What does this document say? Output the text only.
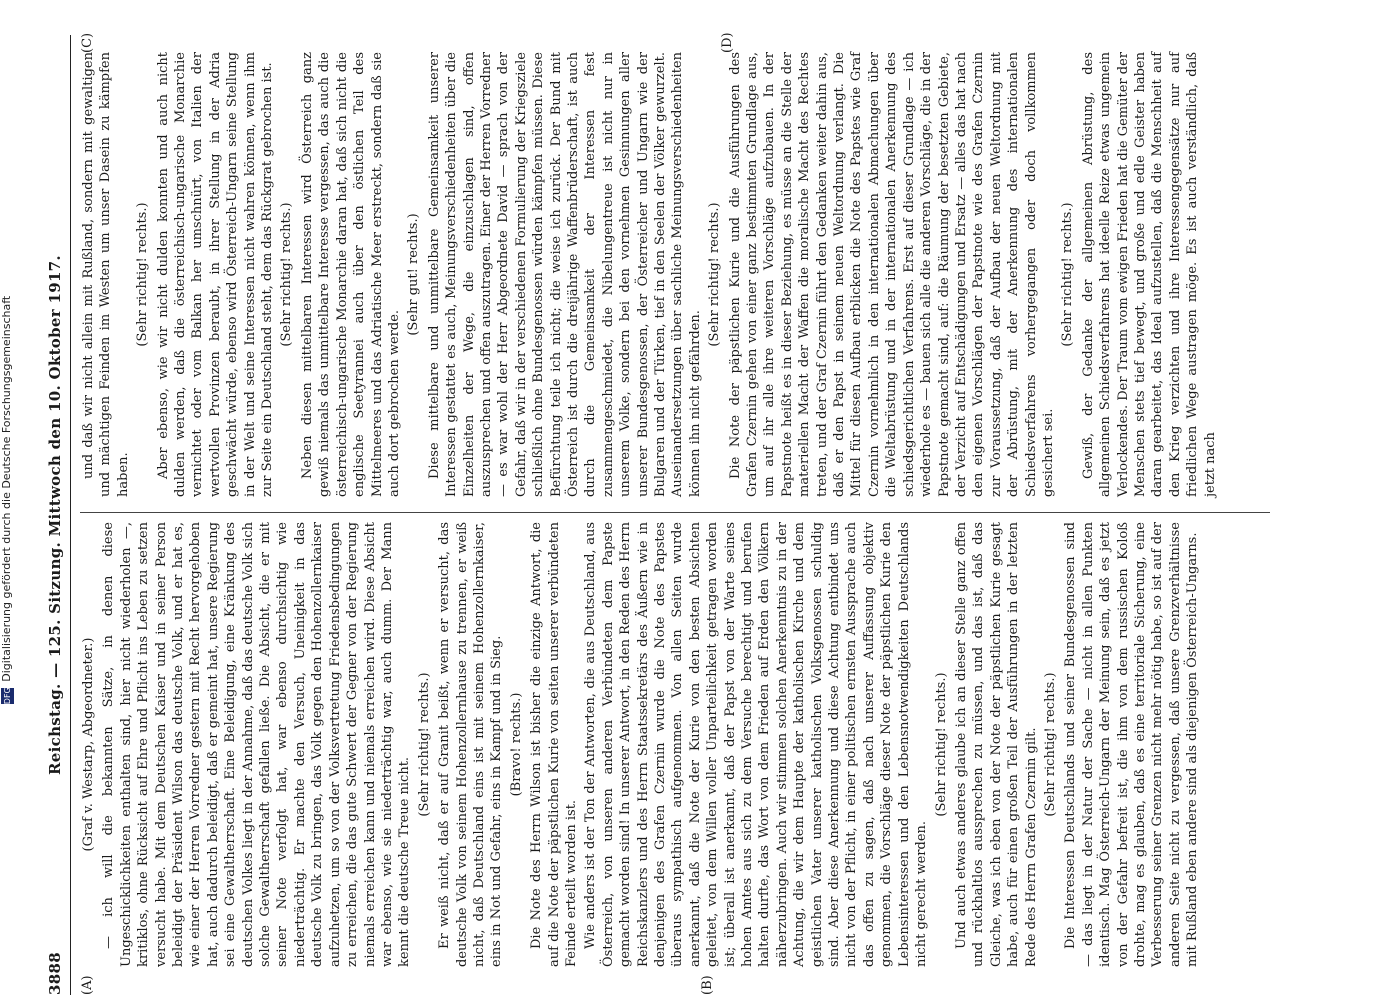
3888
Reichstag. — 125. Sitzung. Mittwoch den 10. Oktober 1917.
(A)	(B)
(C)	(D)

(Graf v. Westarp, Abgeordneter.) — ich will die bekannten Sätze, in denen diese Ungeschicklichkeiten enthalten sind, hier nicht wiederholen —, kritiklos, ohne Rücksicht auf Ehre und Pflicht ins Leben zu setzen versucht habe. Mit dem Deutschen Kaiser und in seiner Person beleidigt der Präsident Wilson das deutsche Volk, und er hat es, wie einer der Herren Vorredner gestern mit Recht hervorgehoben hat, auch dadurch beleidigt, daß er gemeint hat, unsere Regierung sei eine Gewaltherrschaft. Eine Beleidigung, eine Kränkung des deutschen Volkes liegt in der Annahme, daß das deutsche Volk sich solche Gewaltherrschaft gefallen ließe. Die Absicht, die er mit seiner Note verfolgt hat, war ebenso durchsichtig wie niederträchtig. Er machte den Versuch, Uneinigkeit in das deutsche Volk zu bringen, das Volk gegen den Hohenzollernkaiser aufzuhetzen, um so von der Volksvertretung Friedensbedingungen zu erreichen, die das gute Schwert der Gegner von der Regierung niemals erreichen kann und niemals erreichen wird. Diese Absicht war ebenso, wie sie niederträchtig war, auch dumm. Der Mann kennt die deutsche Treue nicht.

(Sehr richtig! rechts.) Er weiß nicht, daß er auf Granit beißt, wenn er versucht, das deutsche Volk von seinem Hohenzollernhause zu trennen, er weiß nicht, daß Deutschland eins ist mit seinem Hohenzollernkaiser, eins in Not und Gefahr, eins in Kampf und in Sieg. (Bravo! rechts.) Die Note des Herrn Wilson ist bisher die einzige Antwort, die auf die Note der päpstlichen Kurie von seiten unserer verbündeten Feinde erteilt worden ist. Wie anders ist der Ton der Antworten, die aus Deutschland, aus Österreich, von unseren anderen Verbündeten dem Papste gemacht worden sind! In unserer Antwort, in den Reden des Herrn Reichskanzlers und des Herrn Staatssekretärs des Äußern wie in denjenigen des Grafen Czernin wurde die Note des Papstes überaus sympathisch aufgenommen. Von allen Seiten wurde anerkannt, daß die Note der Kurie von den besten Absichten geleitet, von dem Willen voller Unparteilichkeit getragen worden ist; überall ist anerkannt, daß der Papst von der Warte seines hohen Amtes aus sich zu dem Versuche berechtigt und berufen halten durfte, das Wort von dem Frieden auf Erden den Völkern näherzubringen. Auch wir stimmen solchen Anerkenntnis zu in der Achtung, die wir dem Haupte der katholischen Kirche und dem geistlichen Vater unserer katholischen Volksgenossen schuldig sind. Aber diese Anerkennung und diese Achtung entbindet uns nicht von der Pflicht, in einer politischen ernsten Aussprache auch das offen zu sagen, daß nach unserer Auffassung objektiv genommen, die Vorschläge dieser Note der päpstlichen Kurie den Lebensinteressen und den Lebensnotwendigkeiten Deutschlands nicht gerecht werden.

(Sehr richtig! rechts.) Und auch etwas anderes glaube ich an dieser Stelle ganz offen und rückhaltlos aussprechen zu müssen, und das ist, daß das Gleiche, was ich eben von der Note der päpstlichen Kurie gesagt habe, auch für einen großen Teil der Ausführungen in der letzten Rede des Herrn Grafen Czernin gilt. (Sehr richtig! rechts.) Die Interessen Deutschlands und seiner Bundesgenossen sind — das liegt in der Natur der Sache — nicht in allen Punkten identisch. Mag Österreich-Ungarn der Meinung sein, daß es jetzt von der Gefahr befreit ist, die ihm von dem russischen Koloß drohte, mag es glauben, daß es eine territoriale Sicherung, eine Verbesserung seiner Grenzen nicht mehr nötig habe, so ist auf der anderen Seite nicht zu vergessen, daß unsere Grenzverhältnisse mit Rußland eben andere sind als diejenigen Österreich-Ungarns.

und daß wir nicht allein mit Rußland, sondern mit gewaltigen und mächtigen Feinden im Westen um unser Dasein zu kämpfen haben.

(Sehr richtig! rechts.) Aber ebenso, wie wir nicht dulden konnten und auch nicht dulden werden, daß die österreichisch-ungarische Monarchie vernichtet oder vom Balkan her umschnürt, von Italien der wertvollen Provinzen beraubt, in ihrer Stellung in der Adria geschwächt würde, ebenso wird Österreich-Ungarn seine Stellung in der Welt und seine Interessen nicht wahren können, wenn ihm zur Seite ein Deutschland steht, dem das Rückgrat gebrochen ist. (Sehr richtig! rechts.) Neben diesen mittelbaren Interessen wird Österreich ganz gewiß niemals das unmittelbare Interesse vergessen, das auch die österreichisch-ungarische Monarchie daran hat, daß sich nicht die englische Seetyrannei auch über den östlichen Teil des Mittelmeeres und das Adriatische Meer erstreckt, sondern daß sie auch dort gebrochen werde.

(Sehr gut! rechts.) Diese mittelbare und unmittelbare Gemeinsamkeit unserer Interessen gestattet es auch, Meinungsverschiedenheiten über die Einzelheiten der Wege, die einzuschlagen sind, offen auszusprechen und offen auszutragen. Einer der Herren Vorredner — es war wohl der Herr Abgeordnete David — sprach von der Gefahr, daß wir in der verschiedenen Formulierung der Kriegsziele schließlich ohne Bundesgenossen würden kämpfen müssen. Diese Befürchtung teile ich nicht; die weise ich zurück. Der Bund mit Österreich ist durch die dreijährige Waffenbrüderschaft, ist auch durch die Gemeinsamkeit der Interessen fest zusammengeschmiedet, die Nibelungentreue ist nicht nur in unserem Volke, sondern bei den vornehmen Gesinnungen aller unserer Bundesgenossen, der Österreicher und Ungarn wie der Bulgaren und der Türken, tief in den Seelen der Völker gewurzelt. Auseinandersetzungen über sachliche Meinungsverschiedenheiten können ihn nicht gefährden.

(Sehr richtig! rechts.) Die Note der päpstlichen Kurie und die Ausführungen des Grafen Czernin gehen von einer ganz bestimmten Grundlage aus, um auf ihr alle ihre weiteren Vorschläge aufzubauen. In der Papstnote heißt es in dieser Beziehung, es müsse an die Stelle der materiellen Macht der Waffen die moralische Macht des Rechtes treten, und der Graf Czernin führt den Gedanken weiter dahin aus, daß er den Papst in seinem neuen Weltordnung verlangt. Die Mittel für diesen Aufbau erblicken die Note des Papstes wie Graf Czernin vornehmlich in den internationalen Abmachungen über die Weltabrüstung und in der internationalen Anerkennung des schiedsgerichtlichen Verfahrens. Erst auf dieser Grundlage — ich wiederhole es — bauen sich alle die anderen Vorschläge, die in der Papstnote gemacht sind, auf: die Räumung der besetzten Gebiete, der Verzicht auf Entschädigungen und Ersatz — alles das hat nach den eigenen Vorschlägen der Papstnote wie des Grafen Czernin zur Voraussetzung, daß der Aufbau der neuen Weltordnung mit der Abrüstung, mit der Anerkennung des internationalen Schiedsverfahrens vorhergegangen oder doch vollkommen gesichert sei.

(Sehr richtig! rechts.) Gewiß, der Gedanke der allgemeinen Abrüstung, des allgemeinen Schiedsverfahrens hat ideelle Reize etwas ungemein Verlockendes. Der Traum vom ewigen Frieden hat die Gemüter der Menschen stets tief bewegt, und große und edle Geister haben daran gearbeitet, das Ideal aufzustellen, daß die Menschheit auf den Krieg verzichten und ihre Interessengegensätze nur auf friedlichen Wege austragen möge. Es ist auch verständlich, daß jetzt nach

DFG Digitalisierung gefördert durch die Deutsche Forschungsgemeinschaft
